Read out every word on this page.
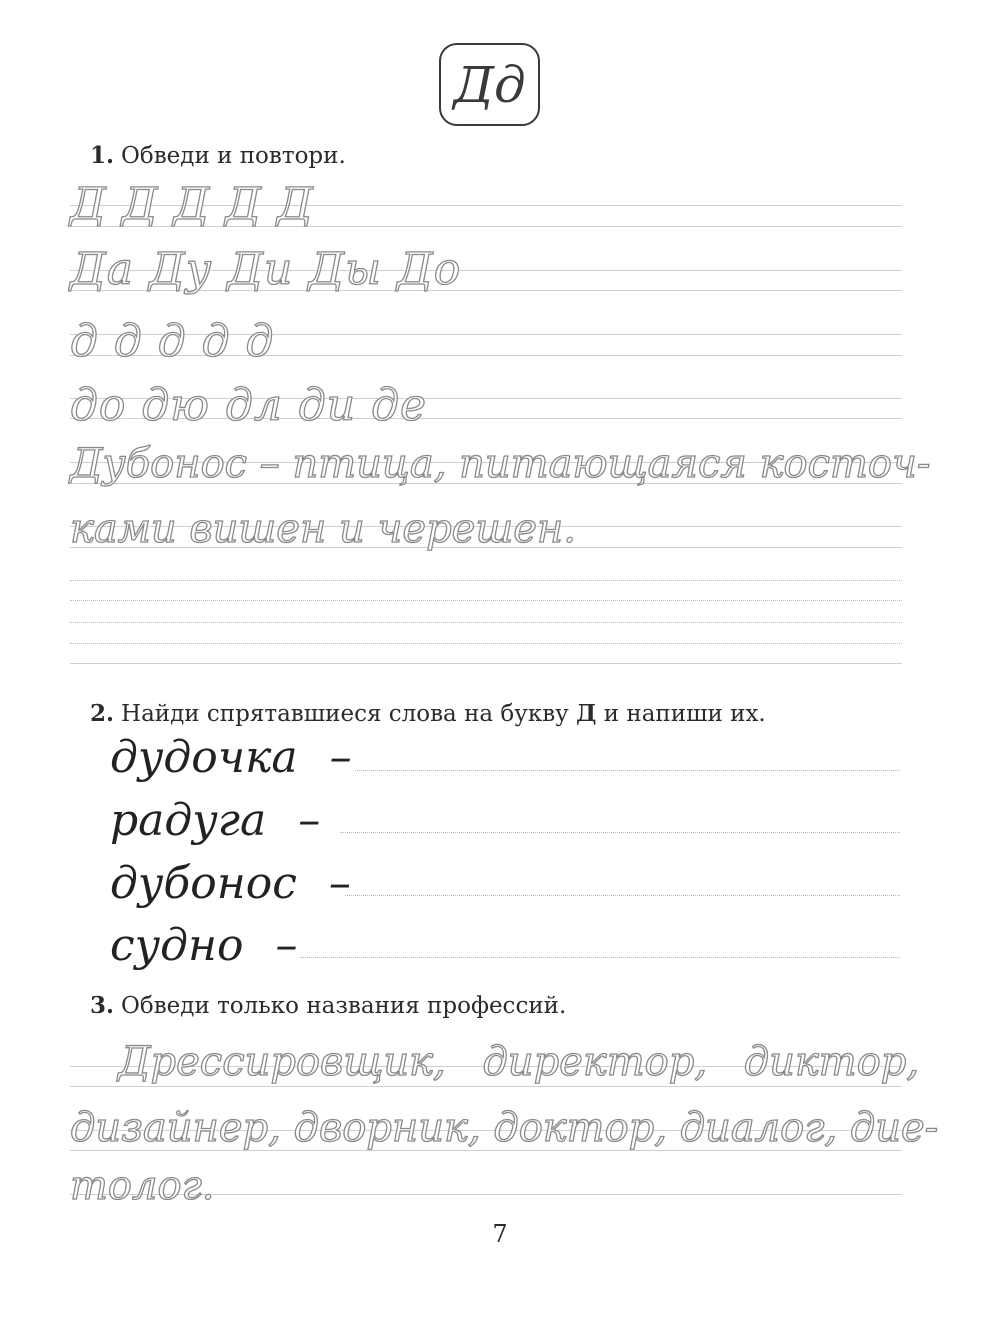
Дд
1. Обведи и повтори.
Д Д Д Д Д
Да Ду Ди Ды До
д д д д д
до дю дл ди де
Дубонос – птица, питающаяся косточ-
ками вишен и черешен.
2. Найди спрятавшиеся слова на букву Д и напиши их.
дудочка –
радуга –
дубонос –
судно –
3. Обведи только названия профессий.
Дрессировщик, директор, диктор,
дизайнер, дворник, доктор, диалог, дие-
толог.
7
